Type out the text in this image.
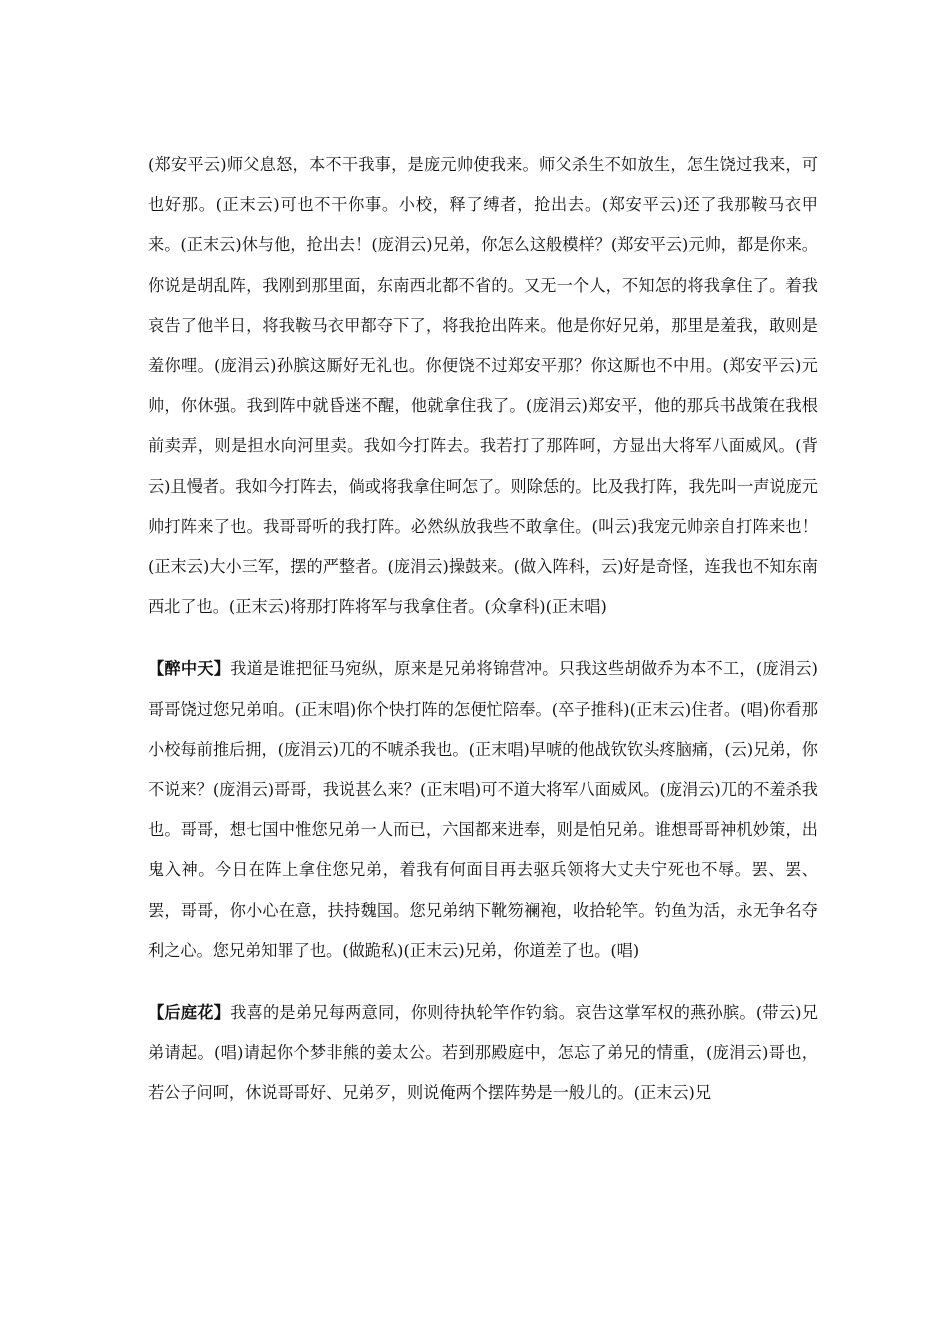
(郑安平云)师父息怒，本不干我事，是庞元帅使我来。师父杀生不如放生，怎生饶过我来，可也好那。(正末云)可也不干你事。小校，释了缚者，抢出去。(郑安平云)还了我那鞍马衣甲来。(正末云)休与他，抢出去！(庞涓云)兄弟，你怎么这般模样？(郑安平云)元帅，都是你来。你说是胡乱阵，我刚到那里面，东南西北都不省的。又无一个人，不知怎的将我拿住了。着我哀告了他半日，将我鞍马衣甲都夺下了，将我抢出阵来。他是你好兄弟，那里是羞我，敢则是羞你哩。(庞涓云)孙膑这厮好无礼也。你便饶不过郑安平那？你这厮也不中用。(郑安平云)元帅，你休强。我到阵中就昏迷不醒，他就拿住我了。(庞涓云)郑安平，他的那兵书战策在我根前卖弄，则是担水向河里卖。我如今打阵去。我若打了那阵呵，方显出大将军八面威风。(背云)且慢者。我如今打阵去，倘或将我拿住呵怎了。则除恁的。比及我打阵，我先叫一声说庞元帅打阵来了也。我哥哥听的我打阵。必然纵放我些不敢拿住。(叫云)我宠元帅亲自打阵来也！(正末云)大小三军，摆的严整者。(庞涓云)操鼓来。(做入阵科，云)好是奇怪，连我也不知东南西北了也。(正末云)将那打阵将军与我拿住者。(众拿科)(正末唱)

【醉中天】我道是谁把征马宛纵，原来是兄弟将锦营冲。只我这些胡做乔为本不工，(庞涓云)哥哥饶过您兄弟咱。(正末唱)你个快打阵的怎便忙陪奉。(卒子推科)(正末云)住者。(唱)你看那小校每前推后拥，(庞涓云)兀的不唬杀我也。(正末唱)早唬的他战钦钦头疼脑痛，(云)兄弟，你不说来？(庞涓云)哥哥，我说甚么来？(正末唱)可不道大将军八面威风。(庞涓云)兀的不羞杀我也。哥哥，想七国中惟您兄弟一人而已，六国都来进奉，则是怕兄弟。谁想哥哥神机妙策，出鬼入神。今日在阵上拿住您兄弟，着我有何面目再去驱兵领将大丈夫宁死也不辱。罢、罢、罢，哥哥，你小心在意，扶持魏国。您兄弟纳下靴笏襕袍，收拾轮竿。钓鱼为活，永无争名夺利之心。您兄弟知罪了也。(做跪私)(正末云)兄弟，你道差了也。(唱)

【后庭花】我喜的是弟兄每两意同，你则待执轮竿作钓翁。哀告这掌军权的燕孙膑。(带云)兄弟请起。(唱)请起你个梦非熊的姜太公。若到那殿庭中，怎忘了弟兄的情重，(庞涓云)哥也，若公子问呵，休说哥哥好、兄弟歹，则说俺两个摆阵势是一般儿的。(正末云)兄
